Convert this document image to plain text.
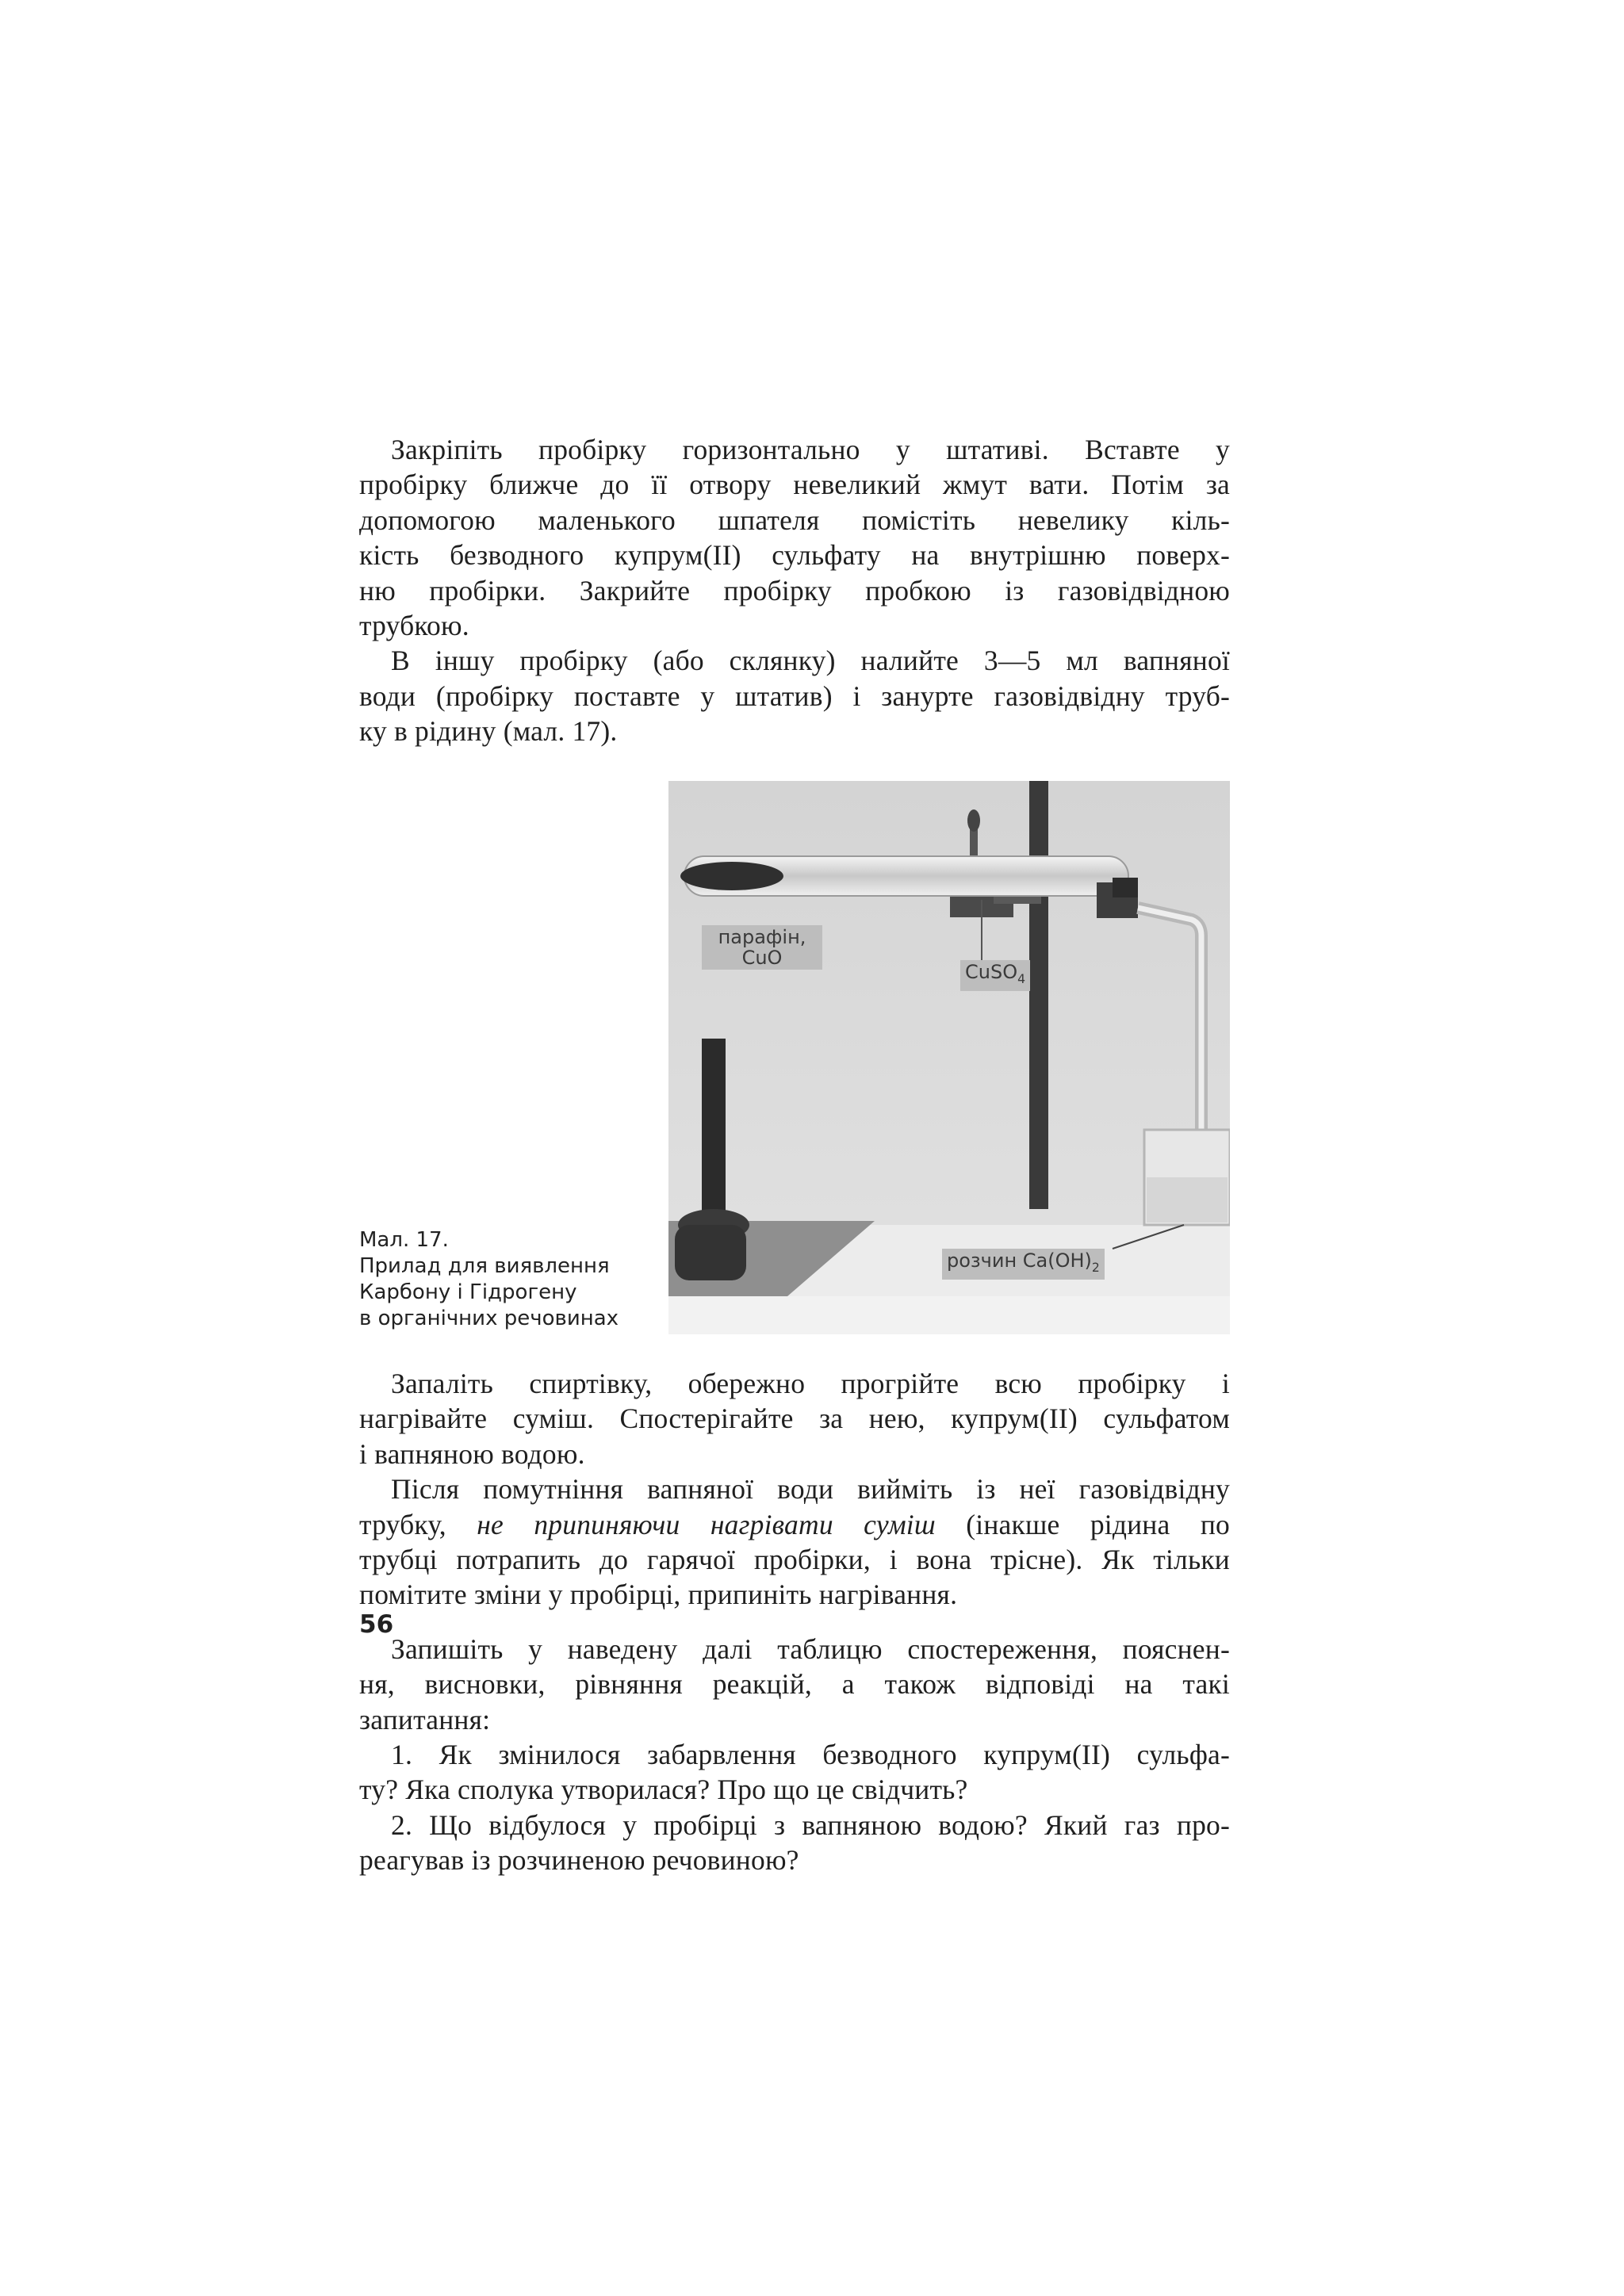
Закріпіть пробірку горизонтально у штативі. Вставте у
пробірку ближче до її отвору невеликий жмут вати. Потім за
допомогою маленького шпателя помістіть невелику кіль-
кість безводного купрум(ІІ) сульфату на внутрішню поверх-
ню пробірки. Закрийте пробірку пробкою із газовідвідною
трубкою.

В іншу пробірку (або склянку) налийте 3—5 мл вапняної
води (пробірку поставте у штатив) і занурте газовідвідну труб-
ку в рідину (мал. 17).

парафін,
CuO
CuSO$_4$
розчин $Ca(OH)_2$
Мал. 17.
Прилад для виявлення
Карбону і Гідрогену
в органічних речовинах

Запаліть спиртівку, обережно прогрійте всю пробірку і
нагрівайте суміш. Спостерігайте за нею, купрум(ІІ) сульфатом
і вапняною водою.

Після помутніння вапняної води вийміть із неї газовідвідну
трубку, не припиняючи нагрівати суміш (інакше рідина по
трубці потрапить до гарячої пробірки, і вона трісне). Як тільки
помітите зміни у пробірці, припиніть нагрівання.

Запишіть у наведену далі таблицю спостереження, пояснен-
ня, висновки, рівняння реакцій, а також відповіді на такі
запитання:

1. Як змінилося забарвлення безводного купрум(ІІ) сульфа-
ту? Яка сполука утворилася? Про що це свідчить?

2. Що відбулося у пробірці з вапняною водою? Який газ про-
реагував із розчиненою речовиною?

56
